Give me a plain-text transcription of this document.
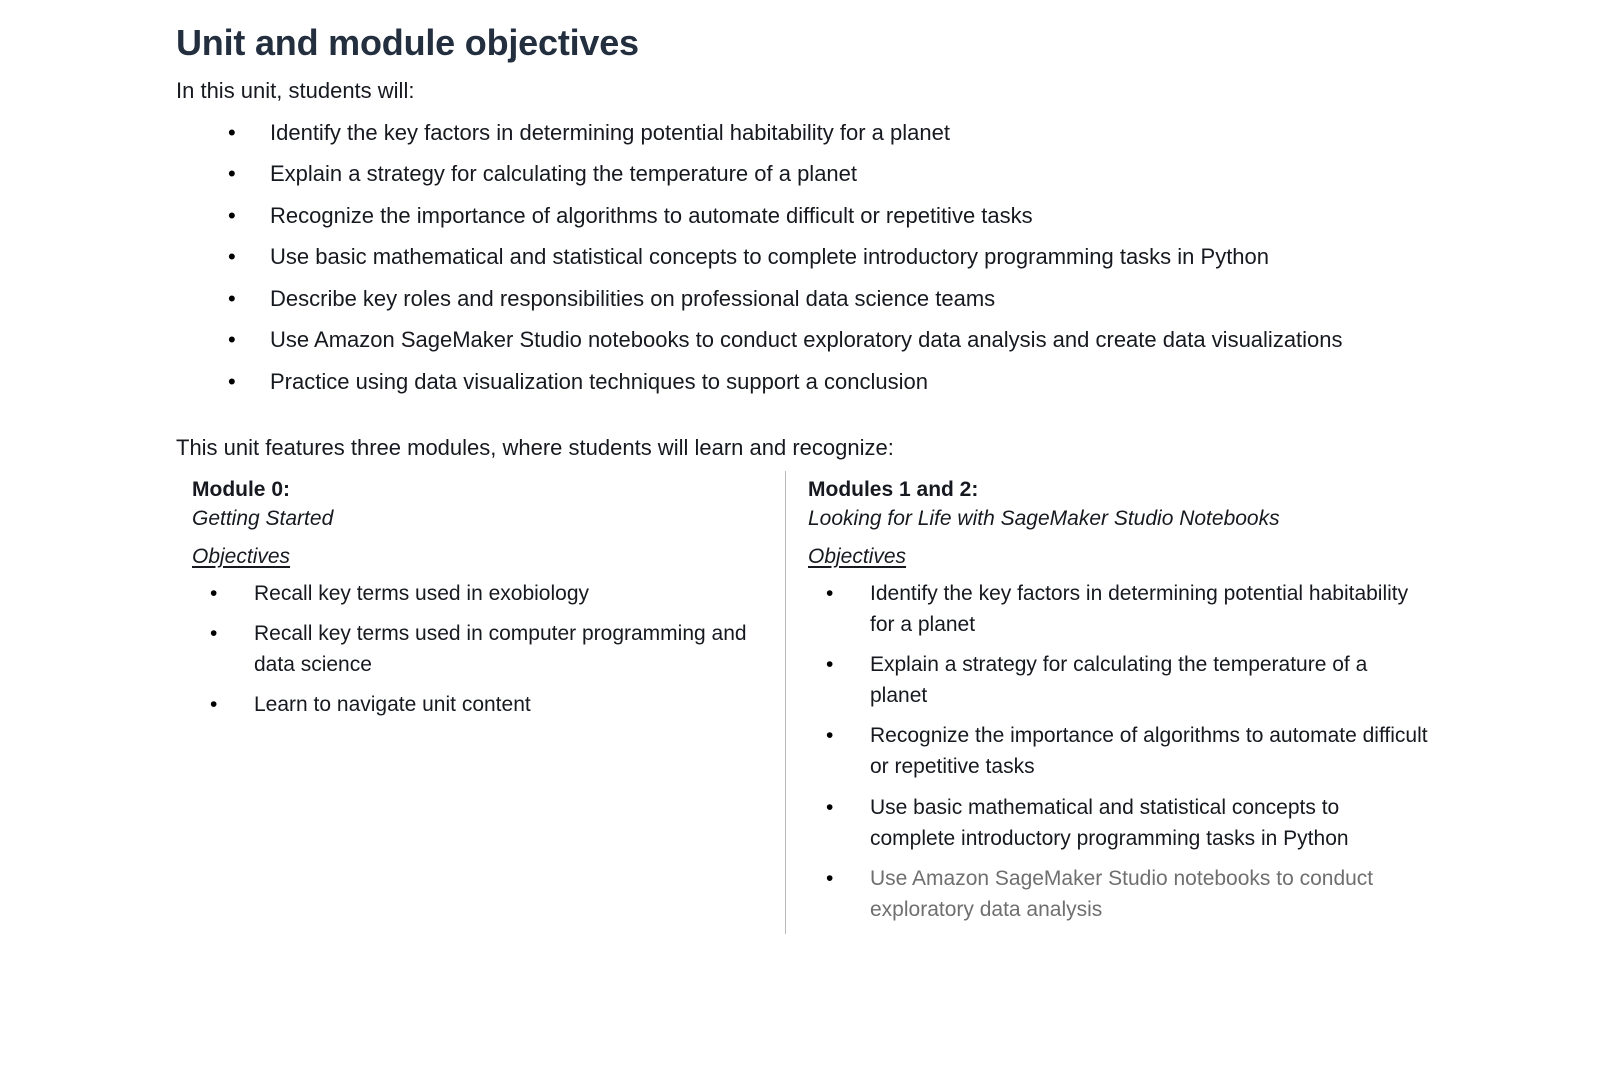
Unit and module objectives

In this unit, students will:

• Identify the key factors in determining potential habitability for a planet
• Explain a strategy for calculating the temperature of a planet
• Recognize the importance of algorithms to automate difficult or repetitive tasks
• Use basic mathematical and statistical concepts to complete introductory programming tasks in Python
• Describe key roles and responsibilities on professional data science teams
• Use Amazon SageMaker Studio notebooks to conduct exploratory data analysis and create data visualizations
• Practice using data visualization techniques to support a conclusion

This unit features three modules, where students will learn and recognize:

Module 0:
Getting Started
Objectives
• Recall key terms used in exobiology
• Recall key terms used in computer programming and data science
• Learn to navigate unit content
Modules 1 and 2:
Looking for Life with SageMaker Studio Notebooks
Objectives
• Identify the key factors in determining potential habitability for a planet
• Explain a strategy for calculating the temperature of a planet
• Recognize the importance of algorithms to automate difficult or repetitive tasks
• Use basic mathematical and statistical concepts to complete introductory programming tasks in Python
• Use Amazon SageMaker Studio notebooks to conduct exploratory data analysis
